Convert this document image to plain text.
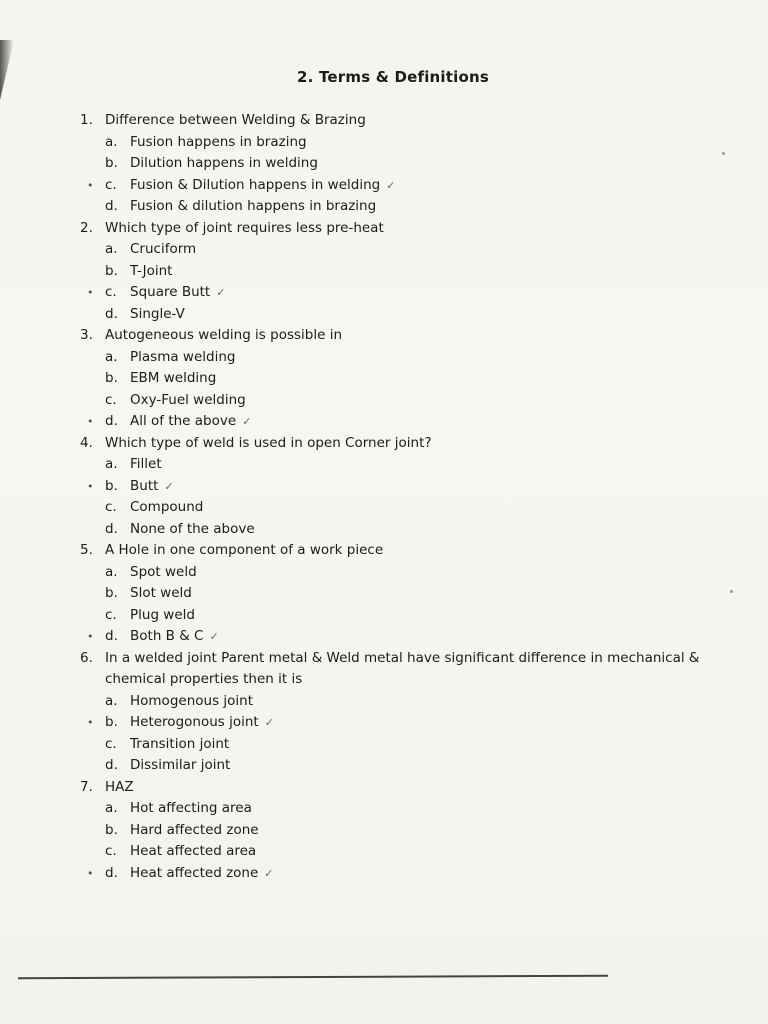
2. Terms & Definitions
1. Difference between Welding & Brazing
a. Fusion happens in brazing
b. Dilution happens in welding
• c. Fusion & Dilution happens in welding ✓
d. Fusion & dilution happens in brazing
2. Which type of joint requires less pre-heat
a. Cruciform
b. T-Joint
• c. Square Butt ✓
d. Single-V
3. Autogeneous welding is possible in
a. Plasma welding
b. EBM welding
c. Oxy-Fuel welding
• d. All of the above ✓
4. Which type of weld is used in open Corner joint?
a. Fillet
• b. Butt ✓
c. Compound
d. None of the above
5. A Hole in one component of a work piece
a. Spot weld
b. Slot weld
c. Plug weld
• d. Both B & C ✓
6. In a welded joint Parent metal & Weld metal have significant difference in mechanical & chemical properties then it is
a. Homogenous joint
• b. Heterogonous joint ✓
c. Transition joint
d. Dissimilar joint
7. HAZ
a. Hot affecting area
b. Hard affected zone
c. Heat affected area
• d. Heat affected zone ✓
